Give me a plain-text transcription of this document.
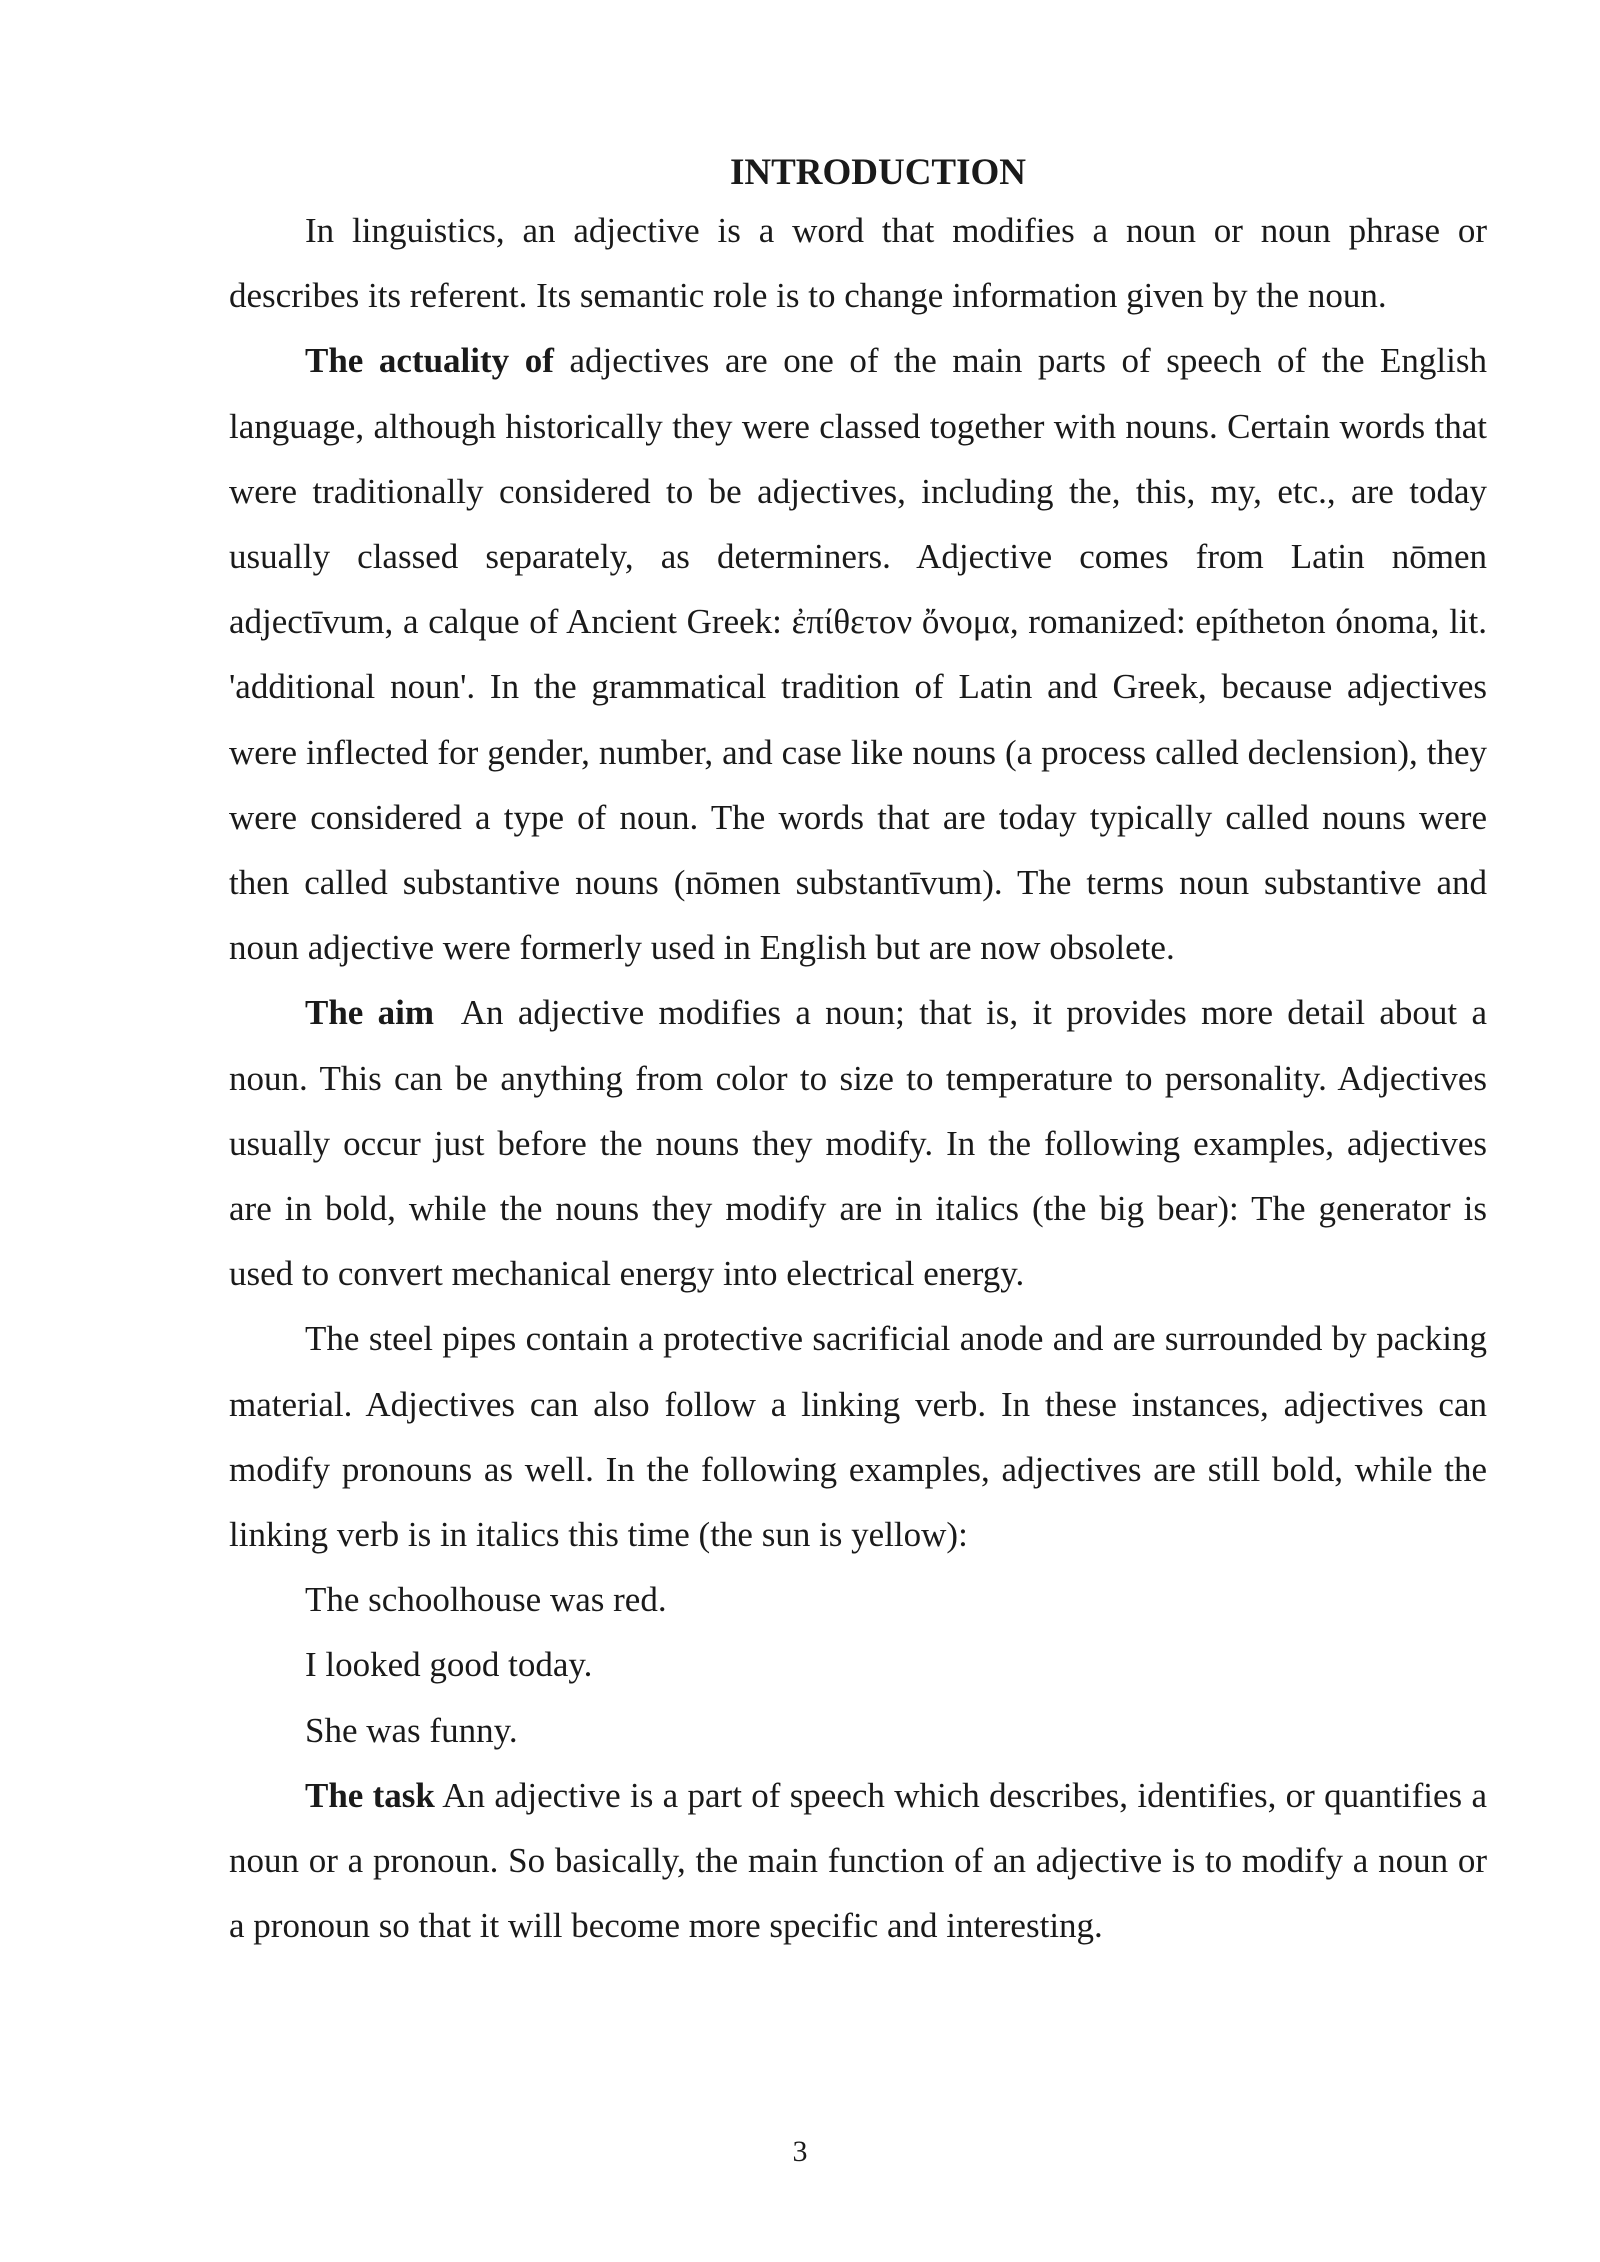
INTRODUCTION

In linguistics, an adjective is a word that modifies a noun or noun phrase or describes its referent. Its semantic role is to change information given by the noun.

The actuality of adjectives are one of the main parts of speech of the English language, although historically they were classed together with nouns. Certain words that were traditionally considered to be adjectives, including the, this, my, etc., are today usually classed separately, as determiners. Adjective comes from Latin nōmen adjectīvum, a calque of Ancient Greek: ἐπίθετον ὄνομα, romanized: epítheton ónoma, lit. 'additional noun'. In the grammatical tradition of Latin and Greek, because adjectives were inflected for gender, number, and case like nouns (a process called declension), they were considered a type of noun. The words that are today typically called nouns were then called substantive nouns (nōmen substantīvum). The terms noun substantive and noun adjective were formerly used in English but are now obsolete.

The aim  An adjective modifies a noun; that is, it provides more detail about a noun. This can be anything from color to size to temperature to personality. Adjectives usually occur just before the nouns they modify. In the following examples, adjectives are in bold, while the nouns they modify are in italics (the big bear): The generator is used to convert mechanical energy into electrical energy.

The steel pipes contain a protective sacrificial anode and are surrounded by packing material. Adjectives can also follow a linking verb. In these instances, adjectives can modify pronouns as well. In the following examples, adjectives are still bold, while the linking verb is in italics this time (the sun is yellow):

The schoolhouse was red.

I looked good today.

She was funny.

The task An adjective is a part of speech which describes, identifies, or quantifies a noun or a pronoun. So basically, the main function of an adjective is to modify a noun or a pronoun so that it will become more specific and interesting.

3
